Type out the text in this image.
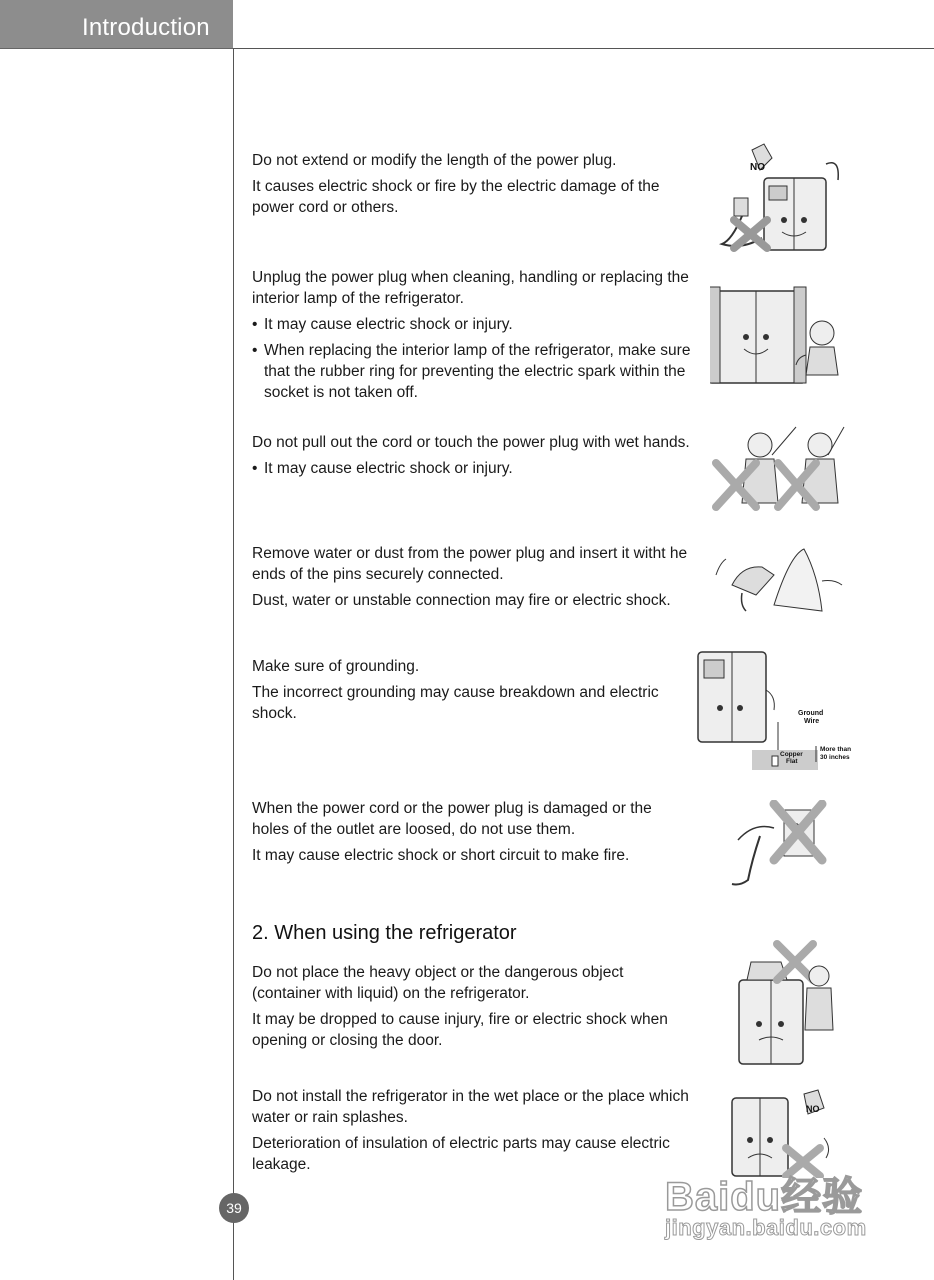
Introduction

Do not extend or modify the length of the power plug.

It causes electric shock or fire by the electric damage of the power cord or others.

NO

Unplug the power plug when cleaning, handling or replacing the interior lamp of the refrigerator.

• It may cause electric shock or injury.
• When replacing the interior lamp of the refrigerator, make sure that the rubber ring for preventing the electric spark within the socket is not taken off.

Do not pull out the cord or touch the power plug with wet hands.

• It may cause electric shock or injury.

Remove water or dust from the power plug and insert it witht he ends of the pins securely connected.

Dust, water or unstable connection may fire or electric shock.

Make sure of grounding.

The incorrect grounding may cause breakdown and electric shock.	Ground
Wire
Copper
Flat
More than
30 inches

When the power cord or the power plug is damaged or the holes of the outlet are loosed, do not use them.

It may cause electric shock or short circuit to make fire.

2. When using the refrigerator

Do not place the heavy object or the dangerous object (container with liquid) on the refrigerator.

It may be dropped to cause injury, fire or electric shock when opening or closing the door.

Do not install the refrigerator in the wet place or the place which water or rain splashes.

Deterioration of insulation of electric parts may cause electric leakage.

NO
39	Baidu经验
jingyan.baidu.com
